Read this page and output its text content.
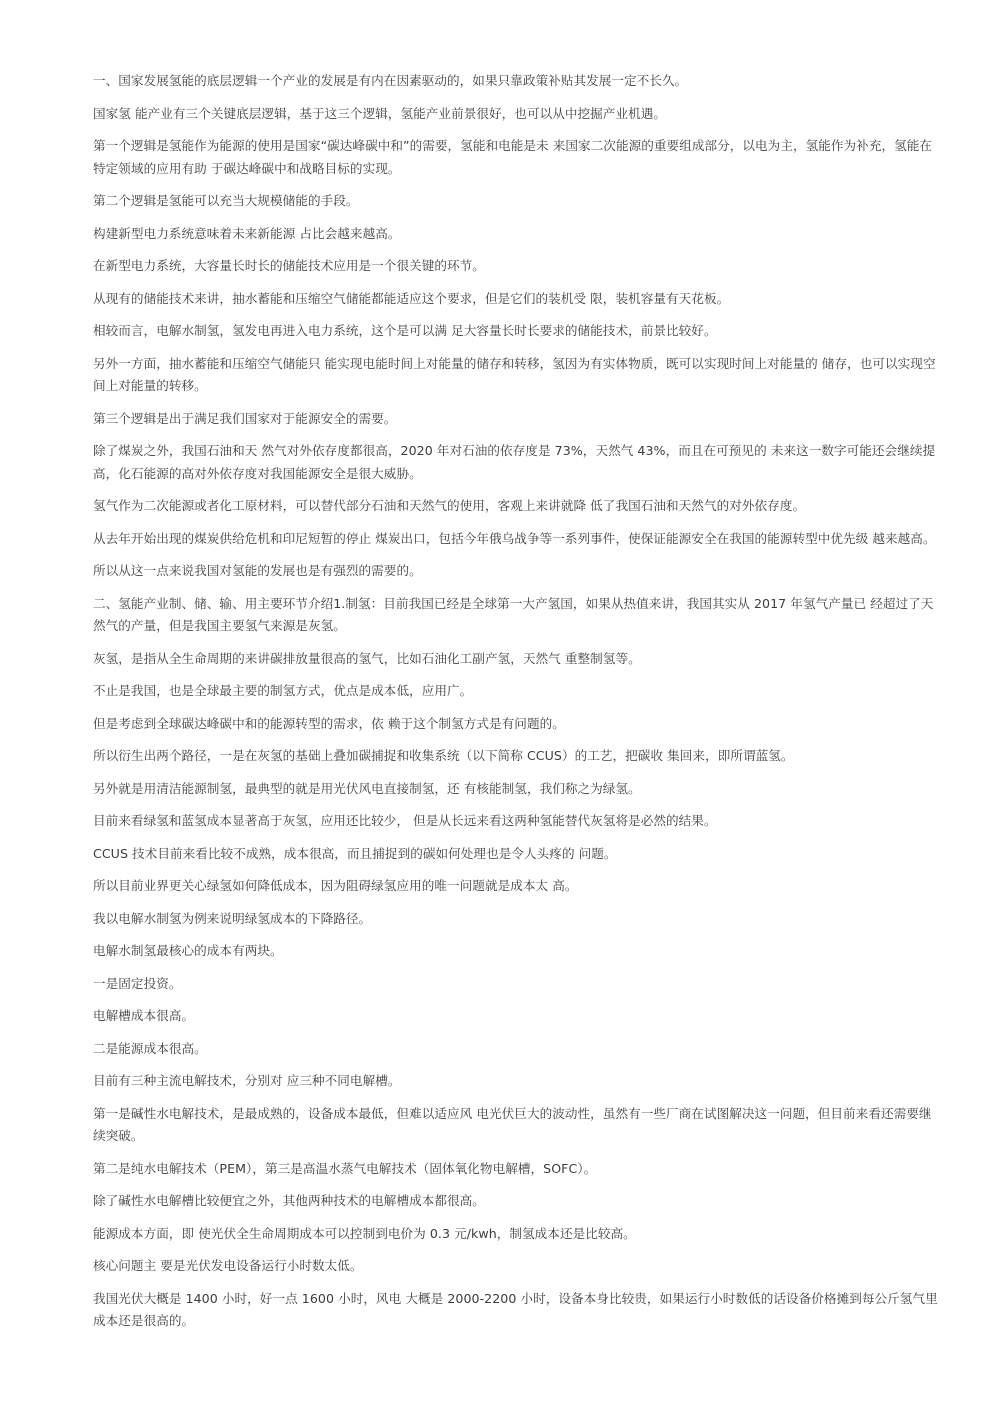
一、国家发展氢能的底层逻辑一个产业的发展是有内在因素驱动的，如果只靠政策补贴其发展一定不长久。

国家氢 能产业有三个关键底层逻辑，基于这三个逻辑，氢能产业前景很好，也可以从中挖掘产业机遇。

第一个逻辑是氢能作为能源的使用是国家“碳达峰碳中和”的需要，氢能和电能是未 来国家二次能源的重要组成部分，以电为主，氢能作为补充，氢能在特定领域的应用有助 于碳达峰碳中和战略目标的实现。

第二个逻辑是氢能可以充当大规模储能的手段。

构建新型电力系统意味着未来新能源 占比会越来越高。

在新型电力系统，大容量长时长的储能技术应用是一个很关键的环节。

从现有的储能技术来讲，抽水蓄能和压缩空气储能都能适应这个要求，但是它们的装机受 限，装机容量有天花板。

相较而言，电解水制氢，氢发电再进入电力系统，这个是可以满 足大容量长时长要求的储能技术，前景比较好。

另外一方面，抽水蓄能和压缩空气储能只 能实现电能时间上对能量的储存和转移，氢因为有实体物质，既可以实现时间上对能量的 储存，也可以实现空间上对能量的转移。

第三个逻辑是出于满足我们国家对于能源安全的需要。

除了煤炭之外，我国石油和天 然气对外依存度都很高，2020 年对石油的依存度是 73%，天然气 43%，而且在可预见的 未来这一数字可能还会继续提高，化石能源的高对外依存度对我国能源安全是很大威胁。

氢气作为二次能源或者化工原材料，可以替代部分石油和天然气的使用，客观上来讲就降 低了我国石油和天然气的对外依存度。

从去年开始出现的煤炭供给危机和印尼短暂的停止 煤炭出口，包括今年俄乌战争等一系列事件，使保证能源安全在我国的能源转型中优先级 越来越高。

所以从这一点来说我国对氢能的发展也是有强烈的需要的。

二、氢能产业制、储、输、用主要环节介绍1.制氢：目前我国已经是全球第一大产氢国，如果从热值来讲，我国其实从 2017 年氢气产量已 经超过了天然气的产量，但是我国主要氢气来源是灰氢。

灰氢，是指从全生命周期的来讲碳排放量很高的氢气，比如石油化工副产氢，天然气 重整制氢等。

不止是我国，也是全球最主要的制氢方式，优点是成本低，应用广。

但是考虑到全球碳达峰碳中和的能源转型的需求，依 赖于这个制氢方式是有问题的。

所以衍生出两个路径，一是在灰氢的基础上叠加碳捕捉和收集系统（以下简称 CCUS）的工艺，把碳收 集回来，即所谓蓝氢。

另外就是用清洁能源制氢，最典型的就是用光伏风电直接制氢，还 有核能制氢，我们称之为绿氢。

目前来看绿氢和蓝氢成本显著高于灰氢，应用还比较少， 但是从长远来看这两种氢能替代灰氢将是必然的结果。

CCUS 技术目前来看比较不成熟，成本很高，而且捕捉到的碳如何处理也是令人头疼的 问题。

所以目前业界更关心绿氢如何降低成本，因为阻碍绿氢应用的唯一问题就是成本太 高。

我以电解水制氢为例来说明绿氢成本的下降路径。

电解水制氢最核心的成本有两块。

一是固定投资。

电解槽成本很高。

二是能源成本很高。

目前有三种主流电解技术，分别对 应三种不同电解槽。

第一是碱性水电解技术，是最成熟的，设备成本最低，但难以适应风 电光伏巨大的波动性，虽然有一些厂商在试图解决这一问题，但目前来看还需要继续突破。

第二是纯水电解技术（PEM），第三是高温水蒸气电解技术（固体氧化物电解槽，SOFC）。

除了碱性水电解槽比较便宜之外，其他两种技术的电解槽成本都很高。

能源成本方面，即 使光伏全生命周期成本可以控制到电价为 0.3 元/kwh，制氢成本还是比较高。

核心问题主 要是光伏发电设备运行小时数太低。

我国光伏大概是 1400 小时，好一点 1600 小时，风电 大概是 2000-2200 小时，设备本身比较贵，如果运行小时数低的话设备价格摊到每公斤氢气里成本还是很高的。
